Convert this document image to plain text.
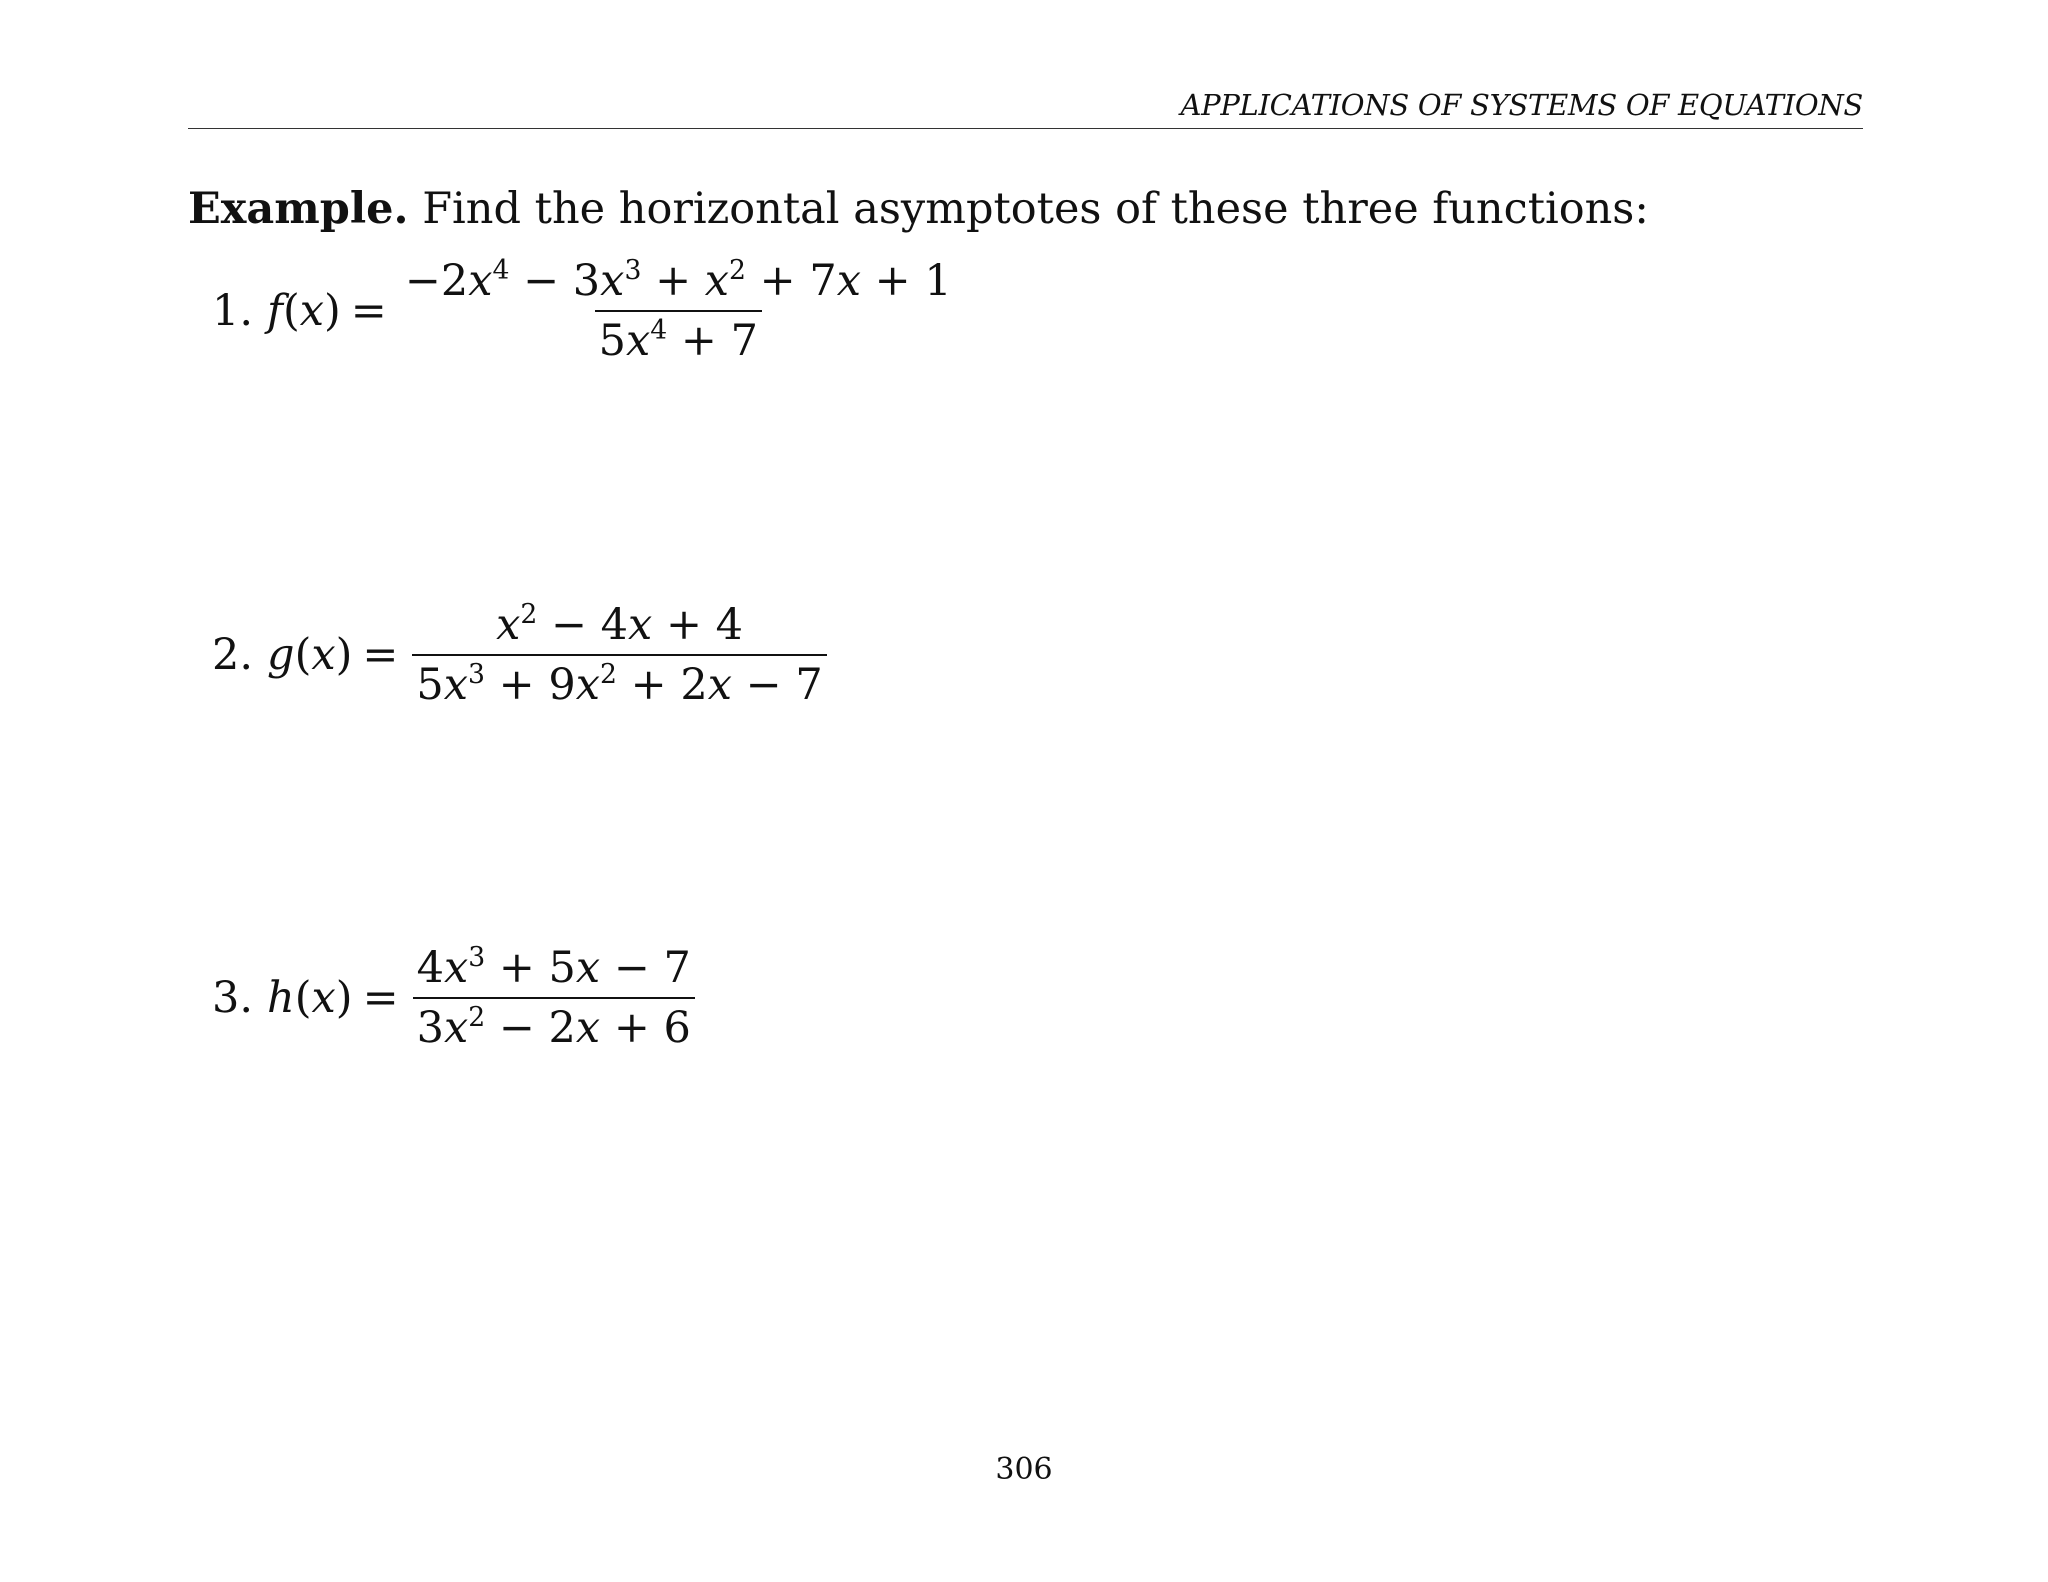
APPLICATIONS OF SYSTEMS OF EQUATIONS
Example. Find the horizontal asymptotes of these three functions:
1. $f(x) = \frac{-2x^4 - 3x^3 + x^2 + 7x + 1}{5x^4 + 7}$
2. $g(x) = \frac{x^2 - 4x + 4}{5x^3 + 9x^2 + 2x - 7}$
3. $h(x) = \frac{4x^3 + 5x - 7}{3x^2 - 2x + 6}$
306
